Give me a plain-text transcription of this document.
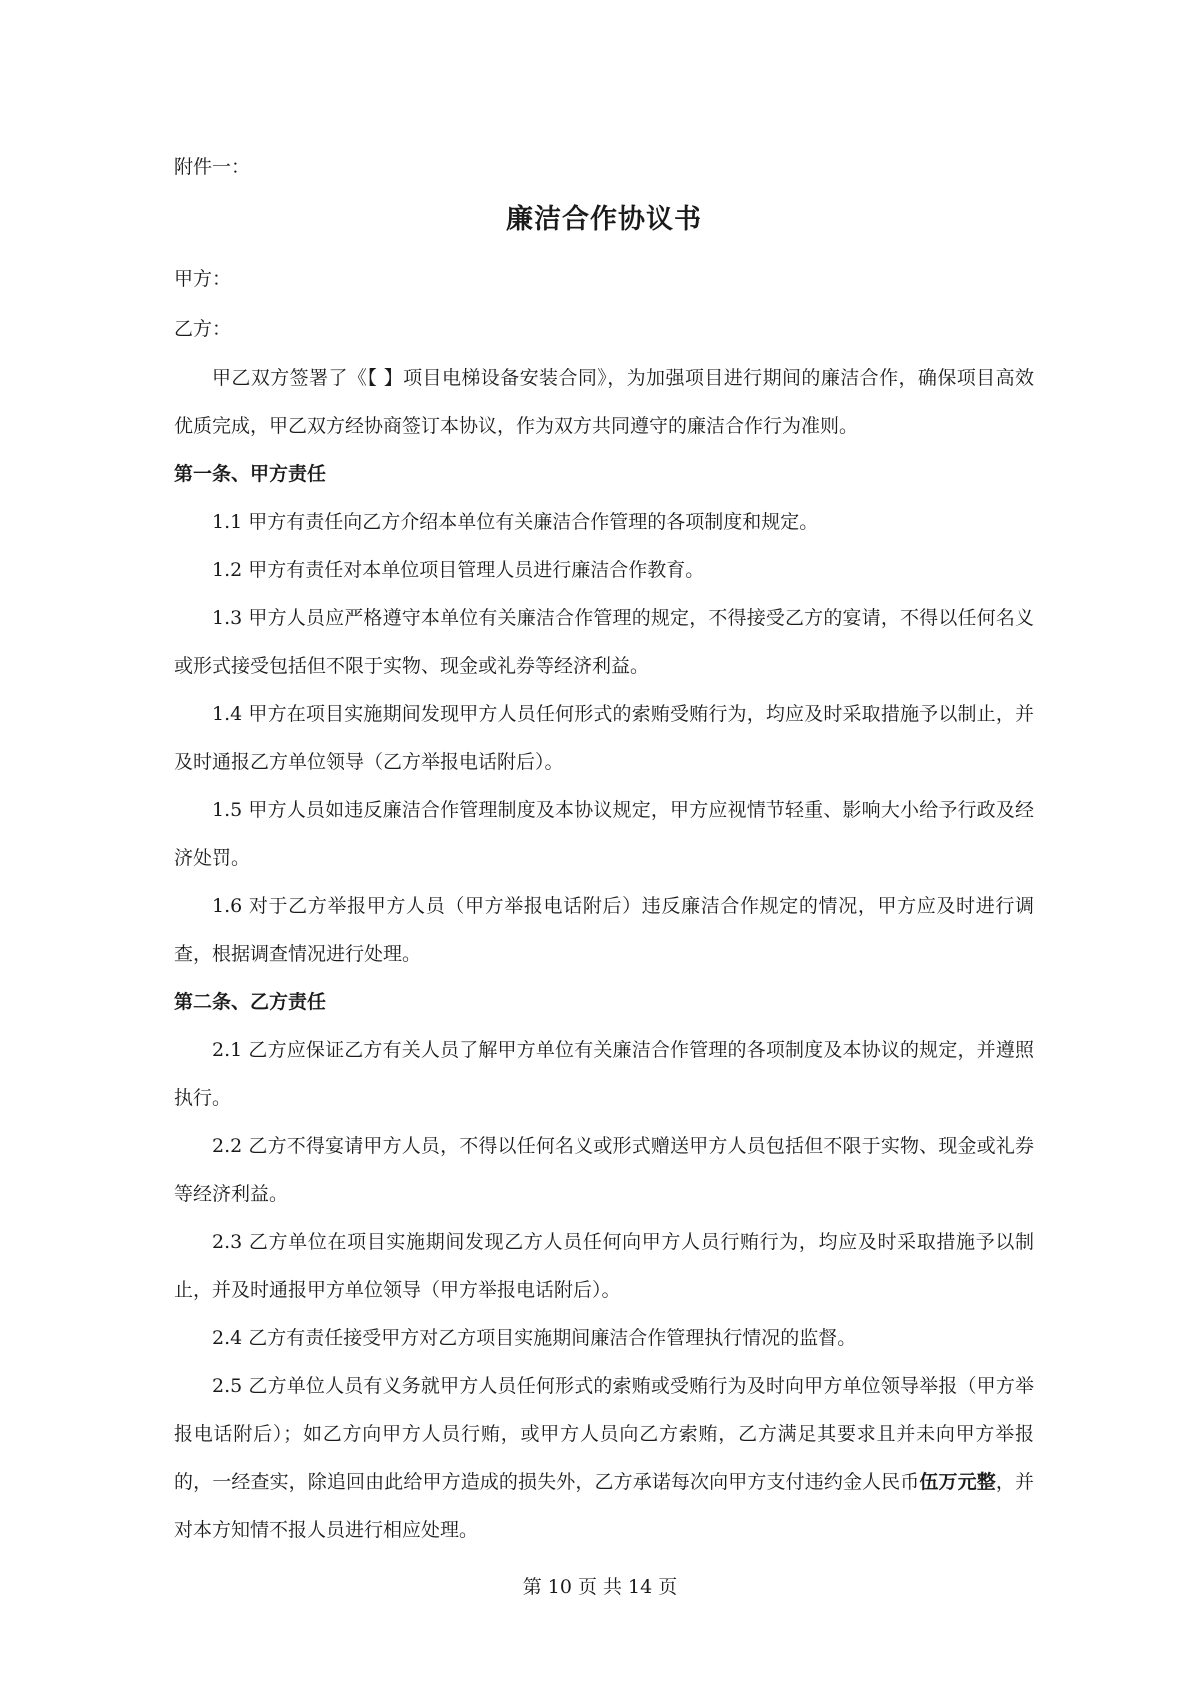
附件一：

廉洁合作协议书

甲方：

乙方：

甲乙双方签署了《【 】项目电梯设备安装合同》，为加强项目进行期间的廉洁合作，确保项目高效优质完成，甲乙双方经协商签订本协议，作为双方共同遵守的廉洁合作行为准则。

第一条、甲方责任

1.1 甲方有责任向乙方介绍本单位有关廉洁合作管理的各项制度和规定。

1.2 甲方有责任对本单位项目管理人员进行廉洁合作教育。

1.3 甲方人员应严格遵守本单位有关廉洁合作管理的规定，不得接受乙方的宴请，不得以任何名义或形式接受包括但不限于实物、现金或礼券等经济利益。

1.4 甲方在项目实施期间发现甲方人员任何形式的索贿受贿行为，均应及时采取措施予以制止，并及时通报乙方单位领导（乙方举报电话附后）。

1.5 甲方人员如违反廉洁合作管理制度及本协议规定，甲方应视情节轻重、影响大小给予行政及经济处罚。

1.6 对于乙方举报甲方人员（甲方举报电话附后）违反廉洁合作规定的情况，甲方应及时进行调查，根据调查情况进行处理。

第二条、乙方责任

2.1 乙方应保证乙方有关人员了解甲方单位有关廉洁合作管理的各项制度及本协议的规定，并遵照执行。

2.2 乙方不得宴请甲方人员，不得以任何名义或形式赠送甲方人员包括但不限于实物、现金或礼券等经济利益。

2.3 乙方单位在项目实施期间发现乙方人员任何向甲方人员行贿行为，均应及时采取措施予以制止，并及时通报甲方单位领导（甲方举报电话附后）。

2.4 乙方有责任接受甲方对乙方项目实施期间廉洁合作管理执行情况的监督。

2.5 乙方单位人员有义务就甲方人员任何形式的索贿或受贿行为及时向甲方单位领导举报（甲方举报电话附后）；如乙方向甲方人员行贿，或甲方人员向乙方索贿，乙方满足其要求且并未向甲方举报的，一经查实，除追回由此给甲方造成的损失外，乙方承诺每次向甲方支付违约金人民币伍万元整，并对本方知情不报人员进行相应处理。

第 10 页 共 14 页
